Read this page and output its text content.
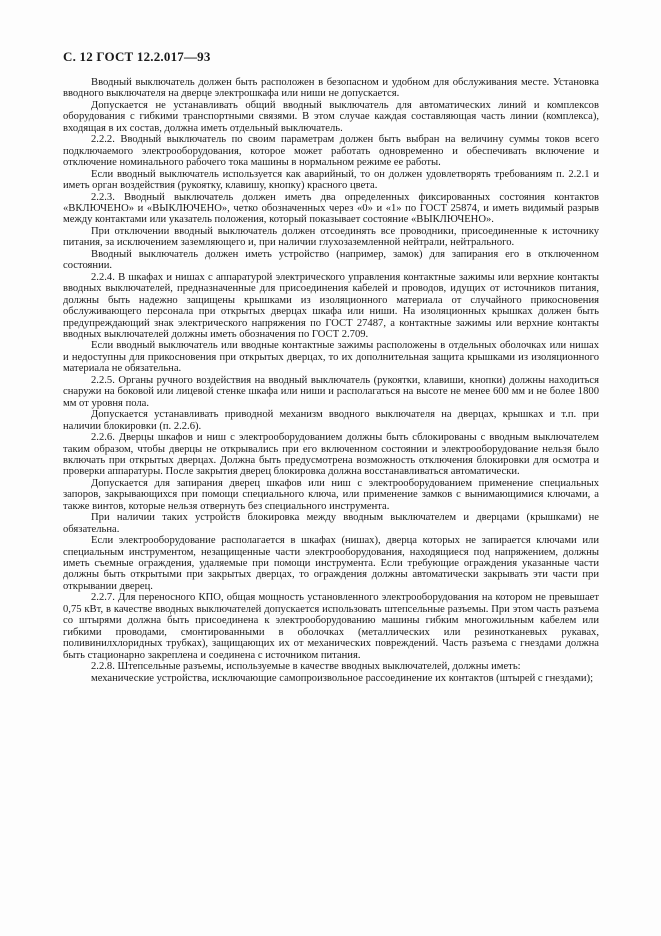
С. 12 ГОСТ 12.2.017—93

Вводный выключатель должен быть расположен в безопасном и удобном для обслуживания месте. Установка вводного выключателя на дверце электрошкафа или ниши не допускается.

Допускается не устанавливать общий вводный выключатель для автоматических линий и комплексов оборудования с гибкими транспортными связями. В этом случае каждая составляющая часть линии (комплекса), входящая в их состав, должна иметь отдельный выключатель.

2.2.2. Вводный выключатель по своим параметрам должен быть выбран на величину суммы токов всего подключаемого электрооборудования, которое может работать одновременно и обеспечивать включение и отключение номинального рабочего тока машины в нормальном режиме ее работы.

Если вводный выключатель используется как аварийный, то он должен удовлетворять требованиям п. 2.2.1 и иметь орган воздействия (рукоятку, клавишу, кнопку) красного цвета.

2.2.3. Вводный выключатель должен иметь два определенных фиксированных состояния контактов «ВКЛЮЧЕНО» и «ВЫКЛЮЧЕНО», четко обозначенных через «0» и «1» по ГОСТ 25874, и иметь видимый разрыв между контактами или указатель положения, который показывает состояние «ВЫКЛЮЧЕНО».

При отключении вводный выключатель должен отсоединять все проводники, присоединенные к источнику питания, за исключением заземляющего и, при наличии глухозаземленной нейтрали, нейтрального.

Вводный выключатель должен иметь устройство (например, замок) для запирания его в отключенном состоянии.

2.2.4. В шкафах и нишах с аппаратурой электрического управления контактные зажимы или верхние контакты вводных выключателей, предназначенные для присоединения кабелей и проводов, идущих от источников питания, должны быть надежно защищены крышками из изоляционного материала от случайного прикосновения обслуживающего персонала при открытых дверцах шкафа или ниши. На изоляционных крышках должен быть предупреждающий знак электрического напряжения по ГОСТ 27487, а контактные зажимы или верхние контакты вводных выключателей должны иметь обозначения по ГОСТ 2.709.

Если вводный выключатель или вводные контактные зажимы расположены в отдельных оболочках или нишах и недоступны для прикосновения при открытых дверцах, то их дополнительная защита крышками из изоляционного материала не обязательна.

2.2.5. Органы ручного воздействия на вводный выключатель (рукоятки, клавиши, кнопки) должны находиться снаружи на боковой или лицевой стенке шкафа или ниши и располагаться на высоте не менее 600 мм и не более 1800 мм от уровня пола.

Допускается устанавливать приводной механизм вводного выключателя на дверцах, крышках и т.п. при наличии блокировки (п. 2.2.6).

2.2.6. Дверцы шкафов и ниш с электрооборудованием должны быть сблокированы с вводным выключателем таким образом, чтобы дверцы не открывались при его включенном состоянии и электрооборудование нельзя было включать при открытых дверцах. Должна быть предусмотрена возможность отключения блокировки для осмотра и проверки аппаратуры. После закрытия дверец блокировка должна восстанавливаться автоматически.

Допускается для запирания дверец шкафов или ниш с электрооборудованием применение специальных запоров, закрывающихся при помощи специального ключа, или применение замков с вынимающимися ключами, а также винтов, которые нельзя отвернуть без специального инструмента.

При наличии таких устройств блокировка между вводным выключателем и дверцами (крышками) не обязательна.

Если электрооборудование располагается в шкафах (нишах), дверца которых не запирается ключами или специальным инструментом, незащищенные части электрооборудования, находящиеся под напряжением, должны иметь съемные ограждения, удаляемые при помощи инструмента. Если требующие ограждения указанные части должны быть открытыми при закрытых дверцах, то ограждения должны автоматически закрывать эти части при открывании дверец.

2.2.7. Для переносного КПО, общая мощность установленного электрооборудования на котором не превышает 0,75 кВт, в качестве вводных выключателей допускается использовать штепсельные разъемы. При этом часть разъема со штырями должна быть присоединена к электрооборудованию машины гибким многожильным кабелем или гибкими проводами, смонтированными в оболочках (металлических или резинотканевых рукавах, поливинилхлоридных трубках), защищающих их от механических повреждений. Часть разъема с гнездами должна быть стационарно закреплена и соединена с источником питания.

2.2.8. Штепсельные разъемы, используемые в качестве вводных выключателей, должны иметь:

механические устройства, исключающие самопроизвольное рассоединение их контактов (штырей с гнездами);
